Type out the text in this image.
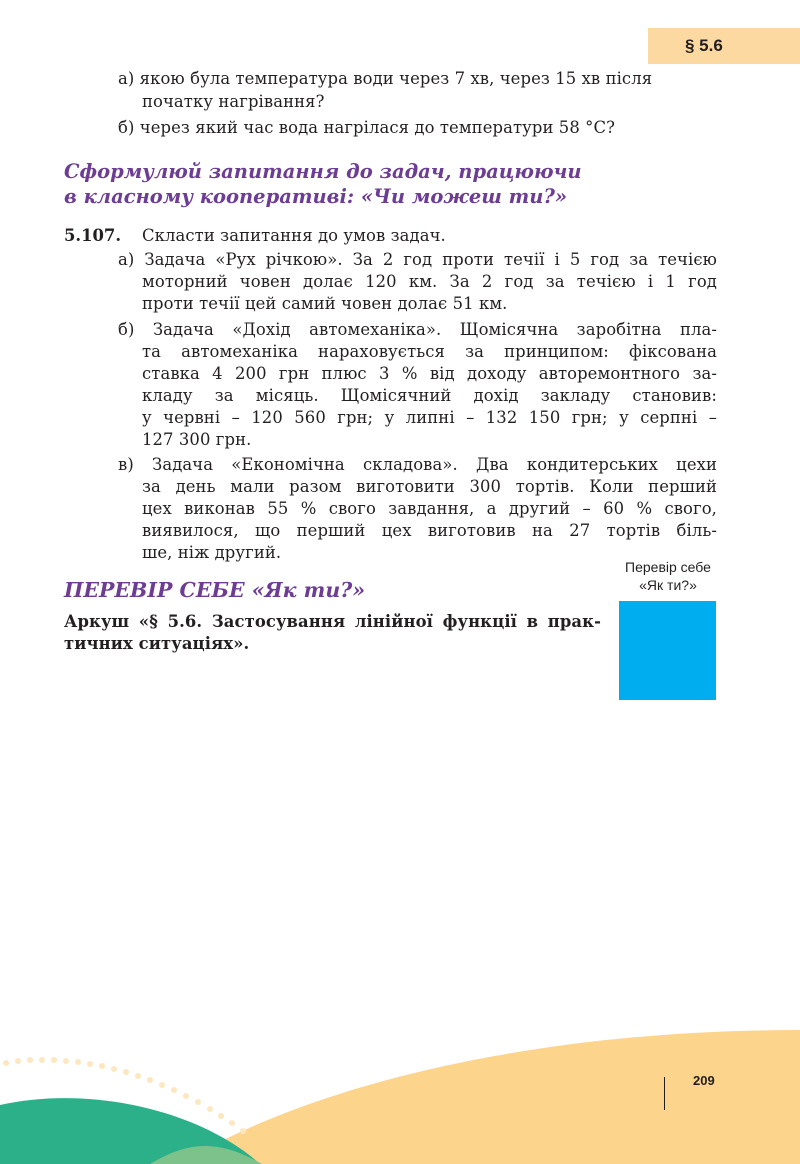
§ 5.6
а) якою була температура води через 7 хв, через 15 хв після
початку нагрівання?
б) через який час вода нагрілася до температури 58 °С?
Сформулюй запитання до задач, працюючи
в класному кооперативі: «Чи можеш ти?»
5.107. Скласти запитання до умов задач.
а) Задача «Рух річкою». За 2 год проти течії і 5 год за течією
моторний човен долає 120 км. За 2 год за течією і 1 год
проти течії цей самий човен долає 51 км.
б) Задача «Дохід автомеханіка». Щомісячна заробітна пла-
та автомеханіка нараховується за принципом: фіксована
ставка 4 200 грн плюс 3 % від доходу авторемонтного за-
кладу за місяць. Щомісячний дохід закладу становив:
у червні – 120 560 грн; у липні – 132 150 грн; у серпні –
127 300 грн.
в) Задача «Економічна складова». Два кондитерських цехи
за день мали разом виготовити 300 тортів. Коли перший
цех виконав 55 % свого завдання, а другий – 60 % свого,
виявилося, що перший цех виготовив на 27 тортів біль-
ше, ніж другий.
ПЕРЕВІР СЕБЕ «Як ти?»
Перевір себе
«Як ти?»
Аркуш «§ 5.6. Застосування лінійної функції в прак-
тичних ситуаціях».
209
